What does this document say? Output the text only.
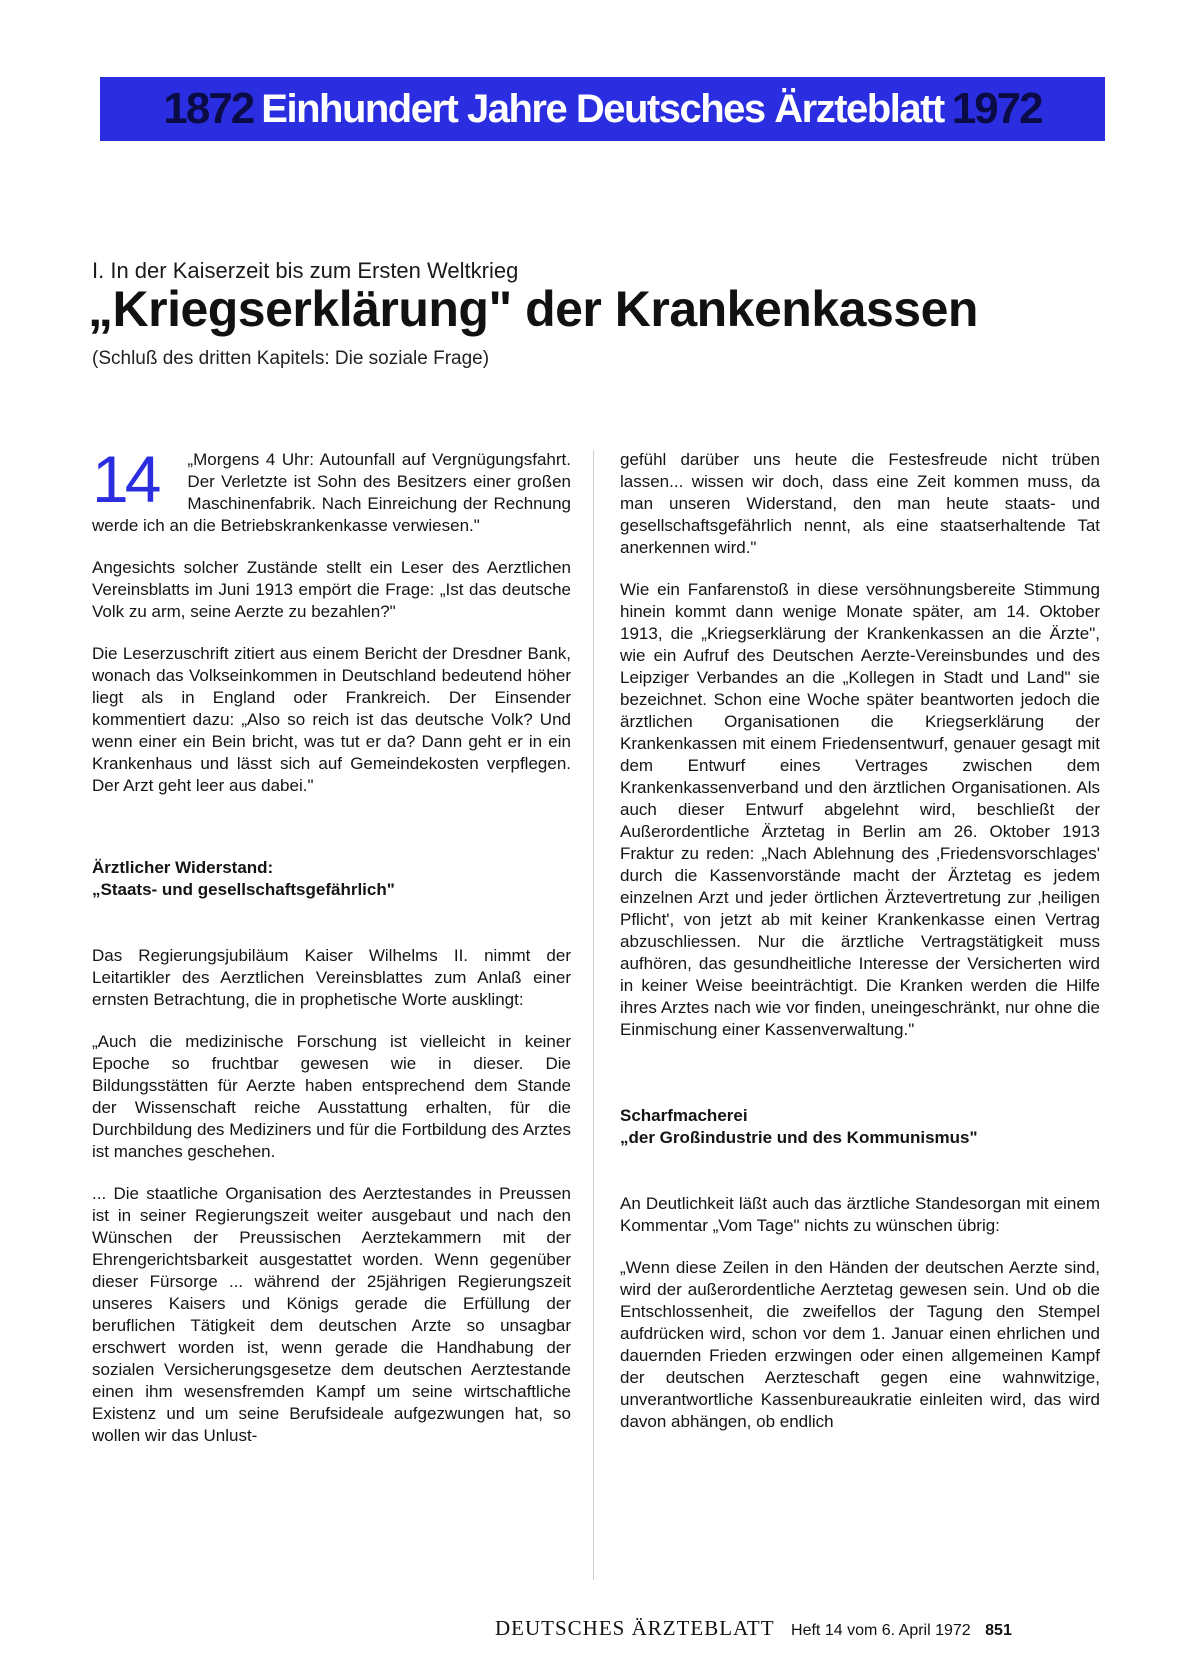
1872 Einhundert Jahre Deutsches Ärzteblatt 1972
I. In der Kaiserzeit bis zum Ersten Weltkrieg
„Kriegserklärung" der Krankenkassen
(Schluß des dritten Kapitels: Die soziale Frage)

14 „Morgens 4 Uhr: Autounfall auf Vergnügungsfahrt. Der Verletzte ist Sohn des Besitzers einer großen Maschinenfabrik. Nach Einreichung der Rechnung werde ich an die Betriebskrankenkasse verwiesen."

Angesichts solcher Zustände stellt ein Leser des Aerztlichen Vereinsblatts im Juni 1913 empört die Frage: „Ist das deutsche Volk zu arm, seine Aerzte zu bezahlen?"

Die Leserzuschrift zitiert aus einem Bericht der Dresdner Bank, wonach das Volkseinkommen in Deutschland bedeutend höher liegt als in England oder Frankreich. Der Einsender kommentiert dazu: „Also so reich ist das deutsche Volk? Und wenn einer ein Bein bricht, was tut er da? Dann geht er in ein Krankenhaus und lässt sich auf Gemeindekosten verpflegen. Der Arzt geht leer aus dabei."

Ärztlicher Widerstand:
„Staats- und gesellschaftsgefährlich"

Das Regierungsjubiläum Kaiser Wilhelms II. nimmt der Leitartikler des Aerztlichen Vereinsblattes zum Anlaß einer ernsten Betrachtung, die in prophetische Worte ausklingt:

„Auch die medizinische Forschung ist vielleicht in keiner Epoche so fruchtbar gewesen wie in dieser. Die Bildungsstätten für Aerzte haben entsprechend dem Stande der Wissenschaft reiche Ausstattung erhalten, für die Durchbildung des Mediziners und für die Fortbildung des Arztes ist manches geschehen.

... Die staatliche Organisation des Aerztestandes in Preussen ist in seiner Regierungszeit weiter ausgebaut und nach den Wünschen der Preussischen Aerztekammern mit der Ehrengerichtsbarkeit ausgestattet worden. Wenn gegenüber dieser Fürsorge ... während der 25jährigen Regierungszeit unseres Kaisers und Königs gerade die Erfüllung der beruflichen Tätigkeit dem deutschen Arzte so unsagbar erschwert worden ist, wenn gerade die Handhabung der sozialen Versicherungsgesetze dem deutschen Aerztestande einen ihm wesensfremden Kampf um seine wirtschaftliche Existenz und um seine Berufsideale aufgezwungen hat, so wollen wir das Unlust-

gefühl darüber uns heute die Festesfreude nicht trüben lassen... wissen wir doch, dass eine Zeit kommen muss, da man unseren Widerstand, den man heute staats- und gesellschaftsgefährlich nennt, als eine staatserhaltende Tat anerkennen wird."

Wie ein Fanfarenstoß in diese versöhnungsbereite Stimmung hinein kommt dann wenige Monate später, am 14. Oktober 1913, die „Kriegserklärung der Krankenkassen an die Ärzte", wie ein Aufruf des Deutschen Aerzte-Vereinsbundes und des Leipziger Verbandes an die „Kollegen in Stadt und Land" sie bezeichnet. Schon eine Woche später beantworten jedoch die ärztlichen Organisationen die Kriegserklärung der Krankenkassen mit einem Friedensentwurf, genauer gesagt mit dem Entwurf eines Vertrages zwischen dem Krankenkassenverband und den ärztlichen Organisationen. Als auch dieser Entwurf abgelehnt wird, beschließt der Außerordentliche Ärztetag in Berlin am 26. Oktober 1913 Fraktur zu reden: „Nach Ablehnung des ‚Friedensvorschlages' durch die Kassenvorstände macht der Ärztetag es jedem einzelnen Arzt und jeder örtlichen Ärztevertretung zur ‚heiligen Pflicht', von jetzt ab mit keiner Krankenkasse einen Vertrag abzuschliessen. Nur die ärztliche Vertragstätigkeit muss aufhören, das gesundheitliche Interesse der Versicherten wird in keiner Weise beeinträchtigt. Die Kranken werden die Hilfe ihres Arztes nach wie vor finden, uneingeschränkt, nur ohne die Einmischung einer Kassenverwaltung."

Scharfmacherei
„der Großindustrie und des Kommunismus"

An Deutlichkeit läßt auch das ärztliche Standesorgan mit einem Kommentar „Vom Tage" nichts zu wünschen übrig:

„Wenn diese Zeilen in den Händen der deutschen Aerzte sind, wird der außerordentliche Aerztetag gewesen sein. Und ob die Entschlossenheit, die zweifellos der Tagung den Stempel aufdrücken wird, schon vor dem 1. Januar einen ehrlichen und dauernden Frieden erzwingen oder einen allgemeinen Kampf der deutschen Aerzteschaft gegen eine wahnwitzige, unverantwortliche Kassenbureaukratie einleiten wird, das wird davon abhängen, ob endlich

DEUTSCHES ÄRZTEBLATT Heft 14 vom 6. April 1972 851
